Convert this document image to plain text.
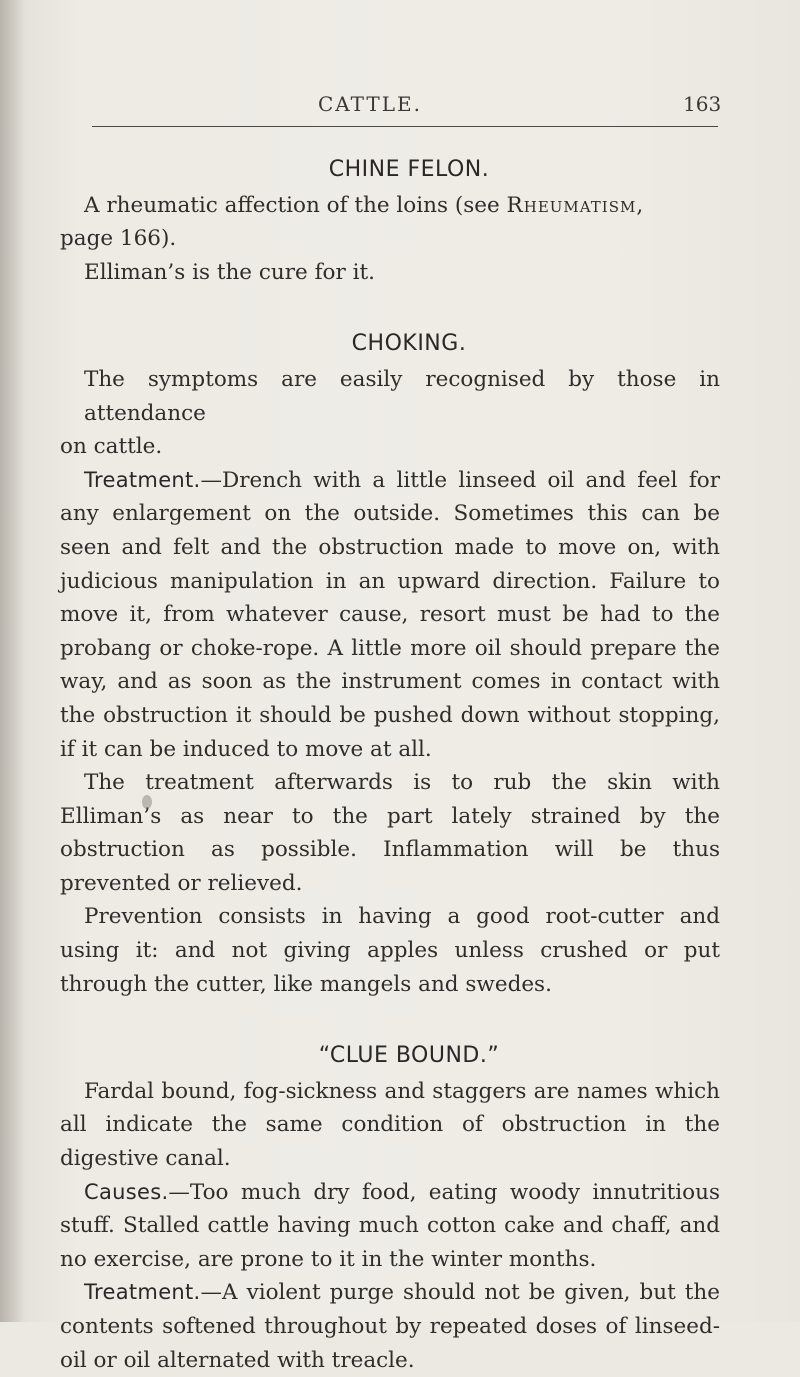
CATTLE.	163
CHINE FELON.

A rheumatic affection of the loins (see Rheumatism,

page 166).

Elliman’s is the cure for it.

CHOKING.

The symptoms are easily recognised by those in attendance

on cattle.

Treatment.—Drench with a little linseed oil and feel for any enlargement on the outside. Sometimes this can be seen and felt and the obstruction made to move on, with judicious manipulation in an upward direction. Failure to move it, from whatever cause, resort must be had to the probang or choke-rope. A little more oil should prepare the way, and as soon as the instrument comes in contact with the obstruction it should be pushed down without stopping, if it can be induced to move at all.

The treatment afterwards is to rub the skin with Elliman’s as near to the part lately strained by the obstruction as possible. Inflammation will be thus prevented or relieved.

Prevention consists in having a good root-cutter and using it: and not giving apples unless crushed or put through the cutter, like mangels and swedes.

“CLUE BOUND.”

Fardal bound, fog-sickness and staggers are names which all indicate the same condition of obstruction in the digestive canal.

Causes.—Too much dry food, eating woody innutritious stuff. Stalled cattle having much cotton cake and chaff, and no exercise, are prone to it in the winter months.

Treatment.—A violent purge should not be given, but the contents softened throughout by repeated doses of linseed-oil or oil alternated with treacle.
